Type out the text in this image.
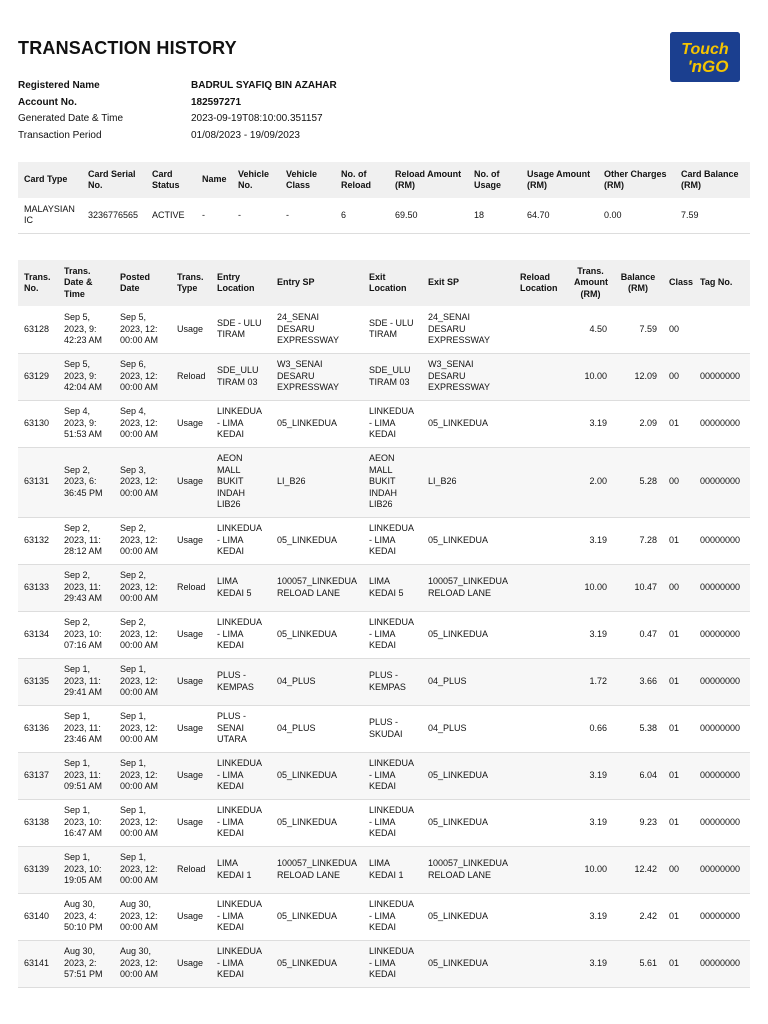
TRANSACTION HISTORY	Touch
'nGO
Registered Name	BADRUL SYAFIQ BIN AZAHAR
Account No.	182597271
Generated Date & Time	2023-09-19T08:10:00.351157
Transaction Period	01/08/2023 - 19/09/2023
Card Type	Card Serial No.	Card Status	Name	Vehicle No.	Vehicle Class	No. of Reload	Reload Amount (RM)	No. of Usage	Usage Amount (RM)	Other Charges (RM)	Card Balance (RM)
MALAYSIAN IC	3236776565	ACTIVE	-	-	-	6	69.50	18	64.70	0.00	7.59
Trans. No.	Trans. Date & Time	Posted Date	Trans. Type	Entry Location	Entry SP	Exit Location	Exit SP	Reload Location	Trans. Amount (RM)	Balance (RM)	Class	Tag No.
63128	Sep 5, 2023, 9: 42:23 AM	Sep 5, 2023, 12: 00:00 AM	Usage	SDE - ULU TIRAM	24_SENAI DESARU EXPRESSWAY	SDE - ULU TIRAM	24_SENAI DESARU EXPRESSWAY		4.50	7.59	00	
63129	Sep 5, 2023, 9: 42:04 AM	Sep 6, 2023, 12: 00:00 AM	Reload	SDE_ULU TIRAM 03	W3_SENAI DESARU EXPRESSWAY	SDE_ULU TIRAM 03	W3_SENAI DESARU EXPRESSWAY		10.00	12.09	00	00000000
63130	Sep 4, 2023, 9: 51:53 AM	Sep 4, 2023, 12: 00:00 AM	Usage	LINKEDUA - LIMA KEDAI	05_LINKEDUA	LINKEDUA - LIMA KEDAI	05_LINKEDUA		3.19	2.09	01	00000000
63131	Sep 2, 2023, 6: 36:45 PM	Sep 3, 2023, 12: 00:00 AM	Usage	AEON MALL BUKIT INDAH LIB26	LI_B26	AEON MALL BUKIT INDAH LIB26	LI_B26		2.00	5.28	00	00000000
63132	Sep 2, 2023, 11: 28:12 AM	Sep 2, 2023, 12: 00:00 AM	Usage	LINKEDUA - LIMA KEDAI	05_LINKEDUA	LINKEDUA - LIMA KEDAI	05_LINKEDUA		3.19	7.28	01	00000000
63133	Sep 2, 2023, 11: 29:43 AM	Sep 2, 2023, 12: 00:00 AM	Reload	LIMA KEDAI 5	100057_LINKEDUA RELOAD LANE	LIMA KEDAI 5	100057_LINKEDUA RELOAD LANE		10.00	10.47	00	00000000
63134	Sep 2, 2023, 10: 07:16 AM	Sep 2, 2023, 12: 00:00 AM	Usage	LINKEDUA - LIMA KEDAI	05_LINKEDUA	LINKEDUA - LIMA KEDAI	05_LINKEDUA		3.19	0.47	01	00000000
63135	Sep 1, 2023, 11: 29:41 AM	Sep 1, 2023, 12: 00:00 AM	Usage	PLUS - KEMPAS	04_PLUS	PLUS - KEMPAS	04_PLUS		1.72	3.66	01	00000000
63136	Sep 1, 2023, 11: 23:46 AM	Sep 1, 2023, 12: 00:00 AM	Usage	PLUS - SENAI UTARA	04_PLUS	PLUS - SKUDAI	04_PLUS		0.66	5.38	01	00000000
63137	Sep 1, 2023, 11: 09:51 AM	Sep 1, 2023, 12: 00:00 AM	Usage	LINKEDUA - LIMA KEDAI	05_LINKEDUA	LINKEDUA - LIMA KEDAI	05_LINKEDUA		3.19	6.04	01	00000000
63138	Sep 1, 2023, 10: 16:47 AM	Sep 1, 2023, 12: 00:00 AM	Usage	LINKEDUA - LIMA KEDAI	05_LINKEDUA	LINKEDUA - LIMA KEDAI	05_LINKEDUA		3.19	9.23	01	00000000
63139	Sep 1, 2023, 10: 19:05 AM	Sep 1, 2023, 12: 00:00 AM	Reload	LIMA KEDAI 1	100057_LINKEDUA RELOAD LANE	LIMA KEDAI 1	100057_LINKEDUA RELOAD LANE		10.00	12.42	00	00000000
63140	Aug 30, 2023, 4: 50:10 PM	Aug 30, 2023, 12: 00:00 AM	Usage	LINKEDUA - LIMA KEDAI	05_LINKEDUA	LINKEDUA - LIMA KEDAI	05_LINKEDUA		3.19	2.42	01	00000000
63141	Aug 30, 2023, 2: 57:51 PM	Aug 30, 2023, 12: 00:00 AM	Usage	LINKEDUA - LIMA KEDAI	05_LINKEDUA	LINKEDUA - LIMA KEDAI	05_LINKEDUA		3.19	5.61	01	00000000
